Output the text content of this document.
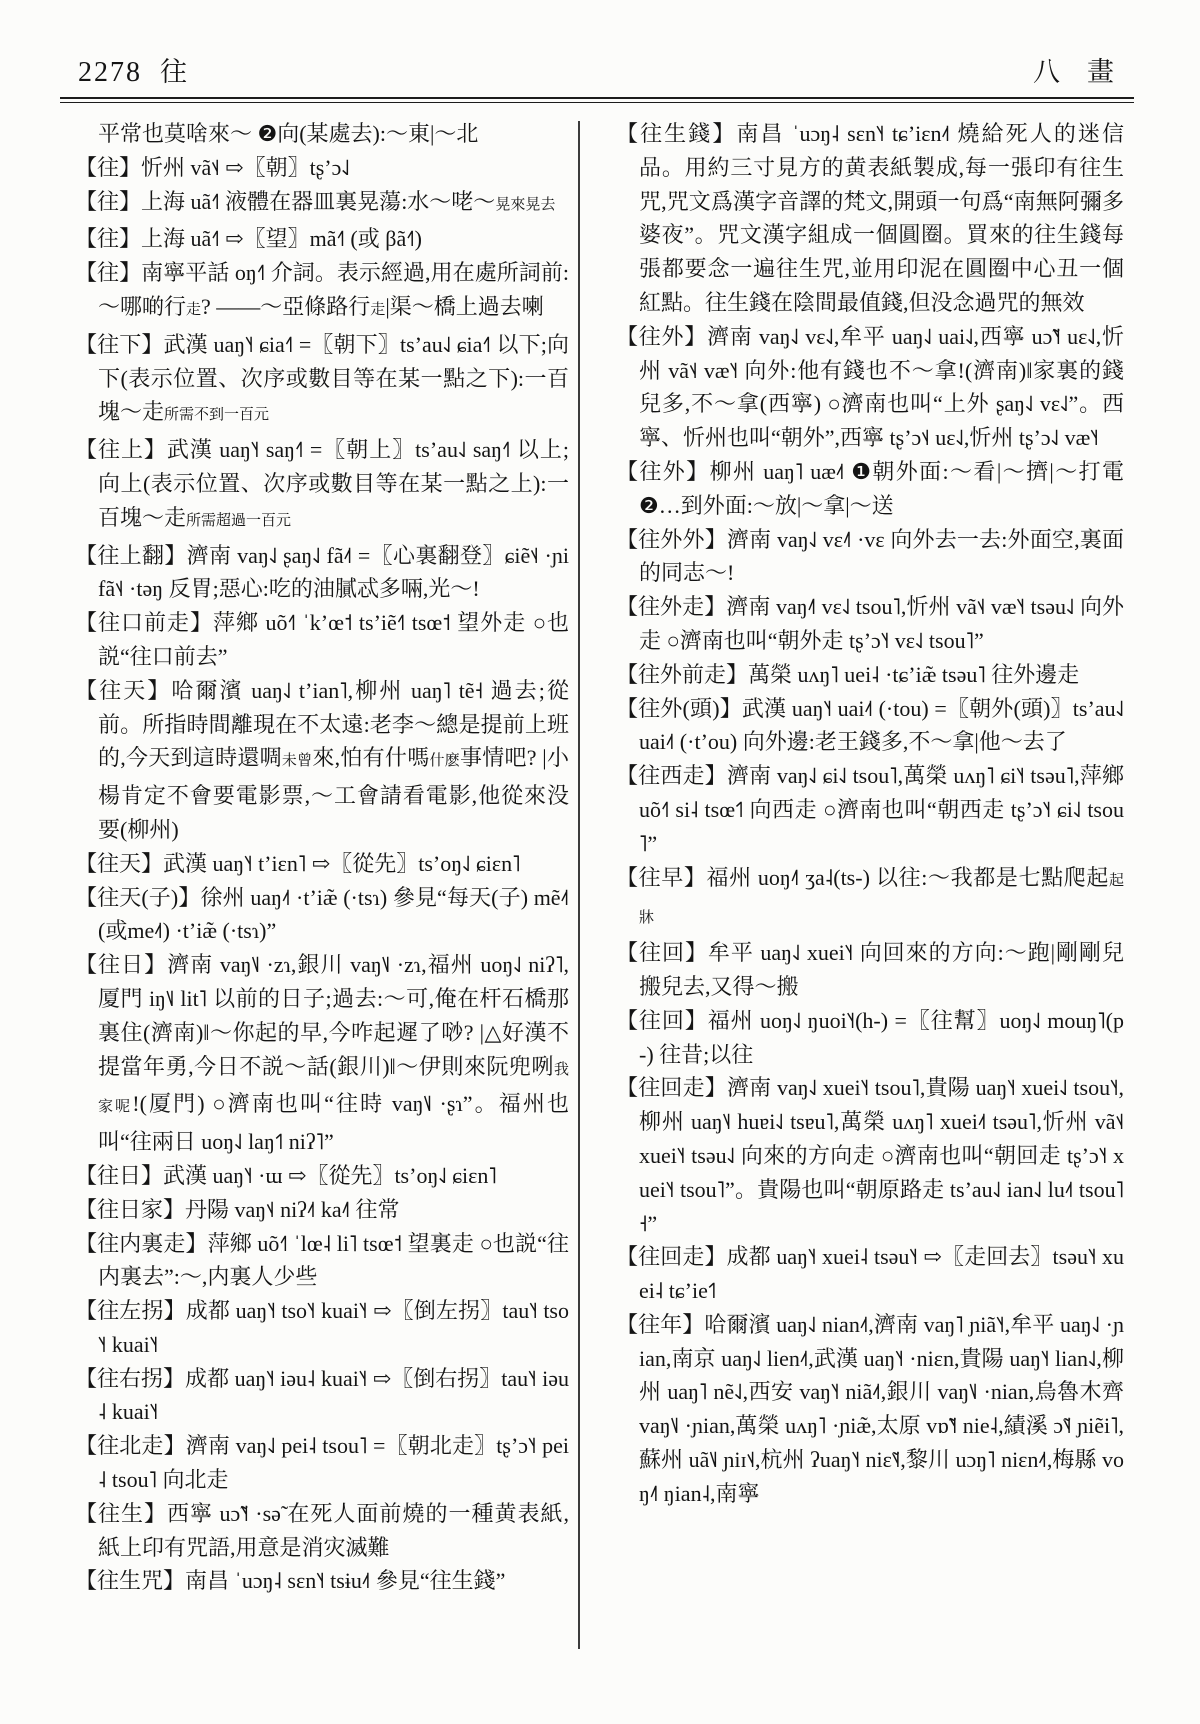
2278 往	八　畫

平常也莫啥來～ ❷向(某處去):～東|～北

【往】忻州 vã˦˨ ⇨〖朝〗tʂ’ɔ˨˩

【往】上海 uã˧˥ 液體在器皿裏晃蕩:水～咾～晃來晃去

【往】上海 uã˧˥ ⇨〖望〗mã˧˥ (或 βã˧˥)

【往】南寧平話 oŋ˧˥ 介詞。表示經過,用在處所詞前:～哪啲行走? ——～亞條路行走|渠～橋上過去喇

【往下】武漢 uaŋ˥˧ ɕia˧˥ =〖朝下〗ts’au˨˩ ɕia˧˥ 以下;向下(表示位置、次序或數目等在某一點之下):一百塊～走所需不到一百元

【往上】武漢 uaŋ˥˧ saŋ˧˥ =〖朝上〗ts’au˨˩ saŋ˧˥ 以上;向上(表示位置、次序或數目等在某一點之上):一百塊～走所需超過一百元

【往上翻】濟南 vaŋ˨˩ ʂaŋ˨˩ fã˨˦ =〖心裏翻登〗ɕiẽ˦˨ ·ɲi fã˦˨ ·təŋ 反胃;惡心:吃的油膩忒多啢,光～!

【往口前走】萍鄉 uõ˧˥ ˈk’œ˦ ts’iẽ˧˥ tsœ˦ 望外走 ○也説“往口前去”

【往天】哈爾濱 uaŋ˨˩ t’ian˥,柳州 uaŋ˥ tẽ˧ 過去;從前。所指時間離現在不太遠:老李～總是提前上班的,今天到這時還啁未曾來,怕有什嗎什麽事情吧? |小楊肯定不會要電影票,～工會請看電影,他從來没要(柳州)

【往天】武漢 uaŋ˥˧ t’iɛn˥ ⇨〖從先〗ts’oŋ˨˩ ɕiɛn˥

【往天(子)】徐州 uaŋ˨˦ ·t’iæ̃ (·tsɿ) 參見“每天(子) mẽ˨˦(或me˨˦) ·t’iæ̃ (·tsɿ)”

【往日】濟南 vaŋ˥˩ ·zɿ,銀川 vaŋ˥˩ ·zɿ,福州 uoŋ˨˩ niʔ˥,厦門 iŋ˥˩ lit˥ 以前的日子;過去:～可,俺在杆石橋那裏住(濟南)‖～你起的早,今咋起遲了唦? |△好漢不提當年勇,今日不説～話(銀川)‖～伊則來阮兜咧我家呢!(厦門) ○濟南也叫“往時 vaŋ˥˩ ·ʂɿ”。福州也叫“往兩日 uoŋ˨˩ laŋ˦˥ niʔ˥”

【往日】武漢 uaŋ˥˧ ·ɯ ⇨〖從先〗ts’oŋ˨˩ ɕiɛn˥

【往日家】丹陽 vaŋ˦˨ niʔ˨˦ ka˨˥ 往常

【往内裏走】萍鄉 uõ˧˥ ˈlœ˨ li˥ tsœ˦ 望裏走 ○也説“往内裏去”:～,内裏人少些

【往左拐】成都 uaŋ˥˧ tso˥˧ kuai˥˧ ⇨〖倒左拐〗tau˥˧ tso˥˧ kuai˥˧

【往右拐】成都 uaŋ˥˧ iəu˨ kuai˥˧ ⇨〖倒右拐〗tau˥˧ iəu˨ kuai˥˧

【往北走】濟南 vaŋ˨˩ pei˨ tsou˥ =〖朝北走〗tʂ’ɔ˥˧ pei˨ tsou˥ 向北走

【往生】西寧 uɔ̃˥˧ ·sə̃ 在死人面前燒的一種黄表紙,紙上印有咒語,用意是消灾滅難

【往生咒】南昌 ˈuɔŋ˨ sɛn˥˧ tsɨu˨˦ 參見“往生錢”

【往生錢】南昌 ˈuɔŋ˨ sɛn˥˧ tɕ’iɛn˨˦ 燒給死人的迷信品。用約三寸見方的黄表紙製成,每一張印有往生咒,咒文爲漢字音譯的梵文,開頭一句爲“南無阿彌多婆夜”。咒文漢字組成一個圓圈。買來的往生錢每張都要念一遍往生咒,並用印泥在圓圈中心丑一個紅點。往生錢在陰間最值錢,但没念過咒的無效

【往外】濟南 vaŋ˨˩ vɛ˨˩,牟平 uaŋ˨˩ uai˨˩,西寧 uɔ̃˥˧ uɛ˨˩,忻州 vã˦˨ væ˥˧ 向外:他有錢也不～拿!(濟南)‖家裏的錢兒多,不～拿(西寧) ○濟南也叫“上外 ʂaŋ˨˩ vɛ˨˩”。西寧、忻州也叫“朝外”,西寧 tʂ’ɔ˦˨ uɛ˨˩,忻州 tʂ’ɔ˨˩ væ˥˧

【往外】柳州 uaŋ˥ uæ˨˦ ❶朝外面:～看|～擠|～打電 ❷…到外面:～放|～拿|～送

【往外外】濟南 vaŋ˨˩ vɛ˨˥ ·vɛ 向外去一去:外面空,裏面的同志～!

【往外走】濟南 vaŋ˨˥ vɛ˨˩ tsou˥,忻州 vã˦˨ væ˥˧ tsəu˨˩ 向外走 ○濟南也叫“朝外走 tʂ’ɔ˥˧ vɛ˨˩ tsou˥”

【往外前走】萬榮 uʌŋ˥ uei˨ ·tɕ’iæ̃ tsəu˥ 往外邊走

【往外(頭)】武漢 uaŋ˥˧ uai˨˦ (·tou) =〖朝外(頭)〗ts’au˨˩ uai˨˦ (·t’ou) 向外邊:老王錢多,不～拿|他～去了

【往西走】濟南 vaŋ˨˩ ɕi˨˩ tsou˥,萬榮 uʌŋ˥ ɕi˥˧ tsəu˥,萍鄉 uõ˧˥ si˨ tsœ˦˥ 向西走 ○濟南也叫“朝西走 tʂ’ɔ˥˧ ɕi˨˩ tsou˥”

【往早】福州 uoŋ˨˥ ʒa˨(ts-) 以往:～我都是七點爬起起牀

【往回】牟平 uaŋ˨˩ xuei˥˧ 向回來的方向:～跑|剛剛兒搬兒去,又得～搬

【往回】福州 uoŋ˨˩ ŋuoi˥˧(h-) =〖往幫〗uoŋ˨˩ mouŋ˥(p-) 往昔;以往

【往回走】濟南 vaŋ˨˩ xuei˥˧ tsou˥,貴陽 uaŋ˥˧ xuei˨˩ tsou˥˧,柳州 uaŋ˥˨ huɐi˨˩ tsɐu˥,萬榮 uʌŋ˥ xuei˨˦ tsəu˥,忻州 vã˦˨ xuei˥˧ tsəu˨˩ 向來的方向走 ○濟南也叫“朝回走 tʂ’ɔ˥˧ xuei˥˧ tsou˥”。貴陽也叫“朝原路走 ts’au˨˩ ian˨˩ lu˨˦ tsou˥˧”

【往回走】成都 uaŋ˥˧ xuei˨ tsəu˥˧ ⇨〖走回去〗tsəu˥˧ xuei˨ tɕ’ie˦˥

【往年】哈爾濱 uaŋ˨˩ nian˨˦,濟南 vaŋ˥ ɲiã˥˧,牟平 uaŋ˨˩ ·ɲian,南京 uaŋ˨˩ lien˨˦,武漢 uaŋ˥˧ ·niɛn,貴陽 uaŋ˥˧ lian˨˩,柳州 uaŋ˥ nẽ˨˩,西安 vaŋ˥˧ niã˨˦,銀川 vaŋ˥˩ ·nian,烏魯木齊 vaŋ˥˩ ·ɲian,萬榮 uʌŋ˥ ·ɲiæ̃,太原 vɒ̃˥˧ nie˨,績溪 ɔ̃˦˨ ɲiẽi˥,蘇州 uã˥˩ ɲiɪ˦˨,杭州 ʔuaŋ˥˧ niɛ̃˦˨,黎川 uɔŋ˥ niɛn˨˦,梅縣 voŋ˨˥ ŋian˨,南寧
